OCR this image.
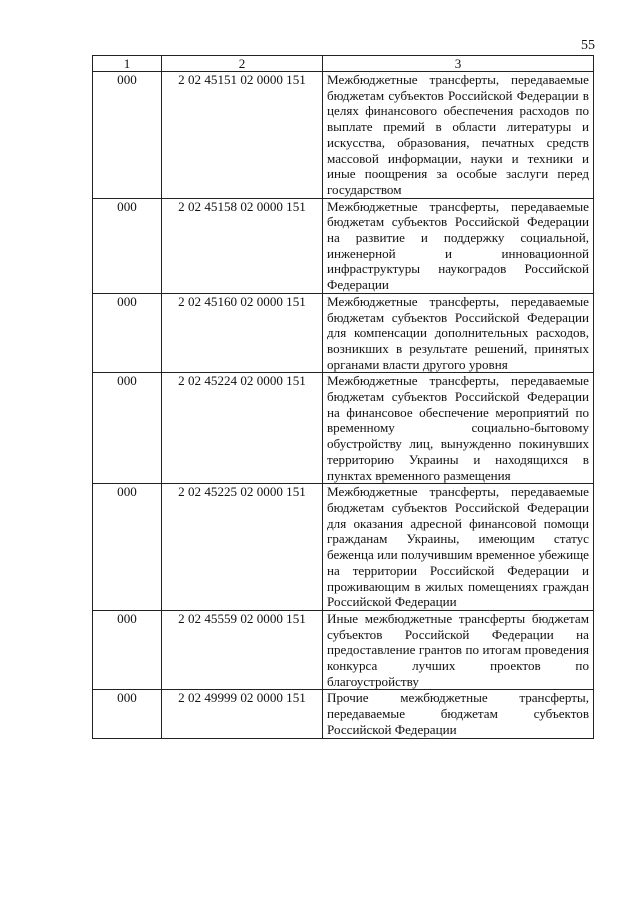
55
1	2	3
000	2 02 45151 02 0000 151	Межбюджетные трансферты, передаваемые бюджетам субъектов Российской Федерации в целях финансового обеспечения расходов по выплате премий в области литературы и искусства, образования, печатных средств массовой информации, науки и техники и иные поощрения за особые заслуги перед государством
000	2 02 45158 02 0000 151	Межбюджетные трансферты, передаваемые бюджетам субъектов Российской Федерации на развитие и поддержку социальной, инженерной и инновационной инфраструктуры наукоградов Российской Федерации
000	2 02 45160 02 0000 151	Межбюджетные трансферты, передаваемые бюджетам субъектов Российской Федерации для компенсации дополнительных расходов, возникших в результате решений, принятых органами власти другого уровня
000	2 02 45224 02 0000 151	Межбюджетные трансферты, передаваемые бюджетам субъектов Российской Федерации на финансовое обеспечение мероприятий по временному социально-бытовому обустройству лиц, вынужденно покинувших территорию Украины и находящихся в пунктах временного размещения
000	2 02 45225 02 0000 151	Межбюджетные трансферты, передаваемые бюджетам субъектов Российской Федерации для оказания адресной финансовой помощи гражданам Украины, имеющим статус беженца или получившим временное убежище на территории Российской Федерации и проживающим в жилых помещениях граждан Российской Федерации
000	2 02 45559 02 0000 151	Иные межбюджетные трансферты бюджетам субъектов Российской Федерации на предоставление грантов по итогам проведения конкурса лучших проектов по благоустройству
000	2 02 49999 02 0000 151	Прочие межбюджетные трансферты, передаваемые бюджетам субъектов Российской Федерации
